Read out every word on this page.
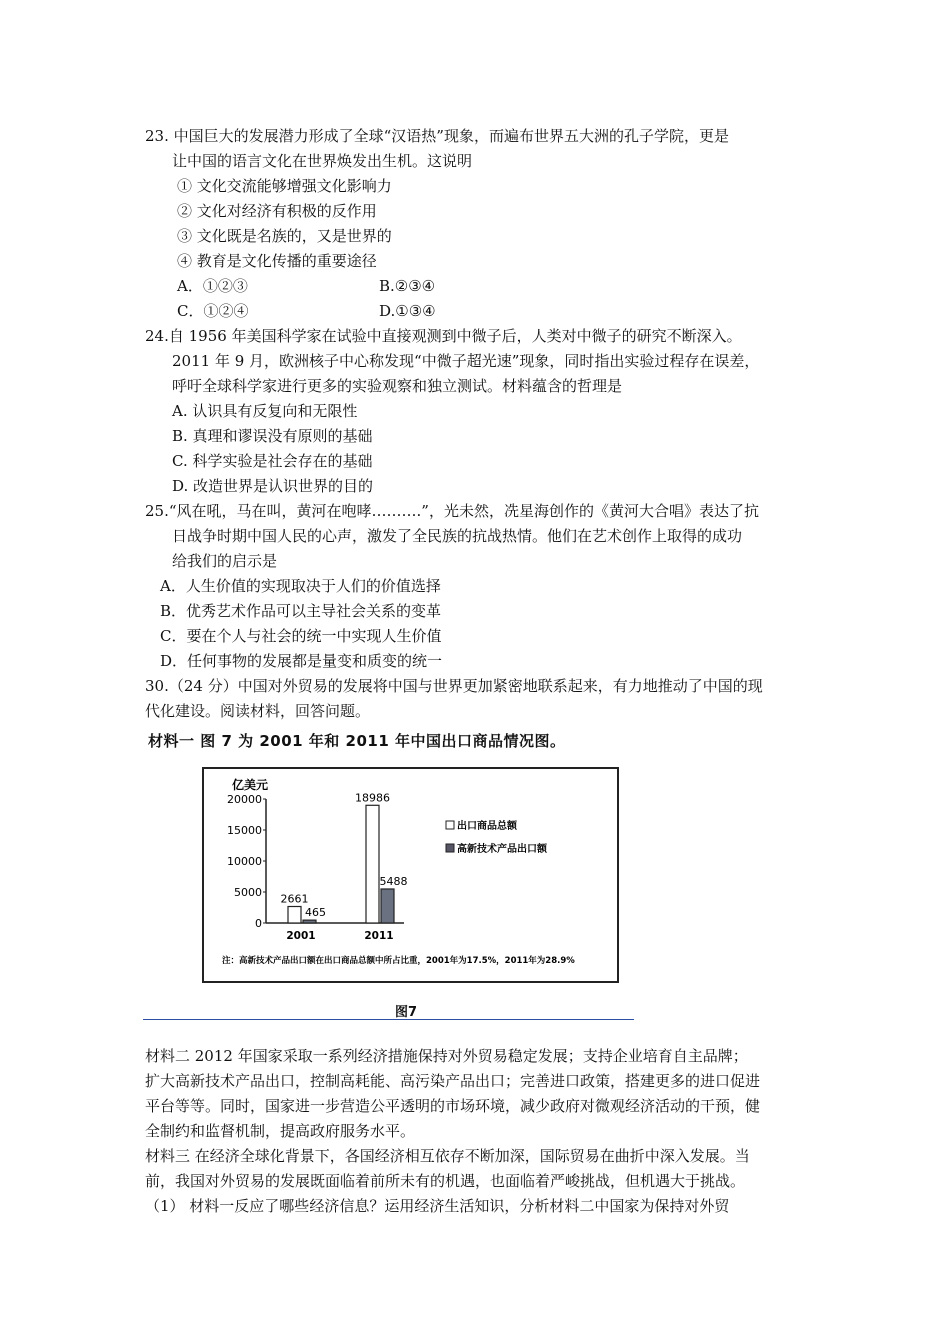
23. 中国巨大的发展潜力形成了全球“汉语热”现象，而遍布世界五大洲的孔子学院，更是
让中国的语言文化在世界焕发出生机。这说明
① 文化交流能够增强文化影响力
② 文化对经济有积极的反作用
③ 文化既是名族的，又是世界的
④ 教育是文化传播的重要途径
A．①②③	B.②③④
C．①②④	D.①③④
24.自 1956 年美国科学家在试验中直接观测到中微子后，人类对中微子的研究不断深入。
2011 年 9 月，欧洲核子中心称发现“中微子超光速”现象，同时指出实验过程存在误差，
呼吁全球科学家进行更多的实验观察和独立测试。材料蕴含的哲理是
A. 认识具有反复向和无限性
B. 真理和谬误没有原则的基础
C. 科学实验是社会存在的基础
D. 改造世界是认识世界的目的
25.“风在吼，马在叫，黄河在咆哮……….”，光未然，冼星海创作的《黄河大合唱》表达了抗
日战争时期中国人民的心声，激发了全民族的抗战热情。他们在艺术创作上取得的成功
给我们的启示是
A．人生价值的实现取决于人们的价值选择
B．优秀艺术作品可以主导社会关系的变革
C．要在个人与社会的统一中实现人生价值
D．任何事物的发展都是量变和质变的统一
30.（24 分）中国对外贸易的发展将中国与世界更加紧密地联系起来，有力地推动了中国的现
代化建设。阅读材料，回答问题。
材料一 图 7 为 2001 年和 2011 年中国出口商品情况图。
亿美元
20000
15000
10000
5000
0
2661
465
18986
5488
2001	2011
出口商品总额
高新技术产品出口额
注：高新技术产品出口额在出口商品总额中所占比重，2001年为17.5%，2011年为28.9%
图7
材料二 2012 年国家采取一系列经济措施保持对外贸易稳定发展；支持企业培育自主品牌；
扩大高新技术产品出口，控制高耗能、高污染产品出口；完善进口政策，搭建更多的进口促进
平台等等。同时，国家进一步营造公平透明的市场环境，减少政府对微观经济活动的干预，健
全制约和监督机制，提高政府服务水平。
材料三 在经济全球化背景下，各国经济相互依存不断加深，国际贸易在曲折中深入发展。当
前，我国对外贸易的发展既面临着前所未有的机遇，也面临着严峻挑战，但机遇大于挑战。
（1） 材料一反应了哪些经济信息？运用经济生活知识，分析材料二中国家为保持对外贸
